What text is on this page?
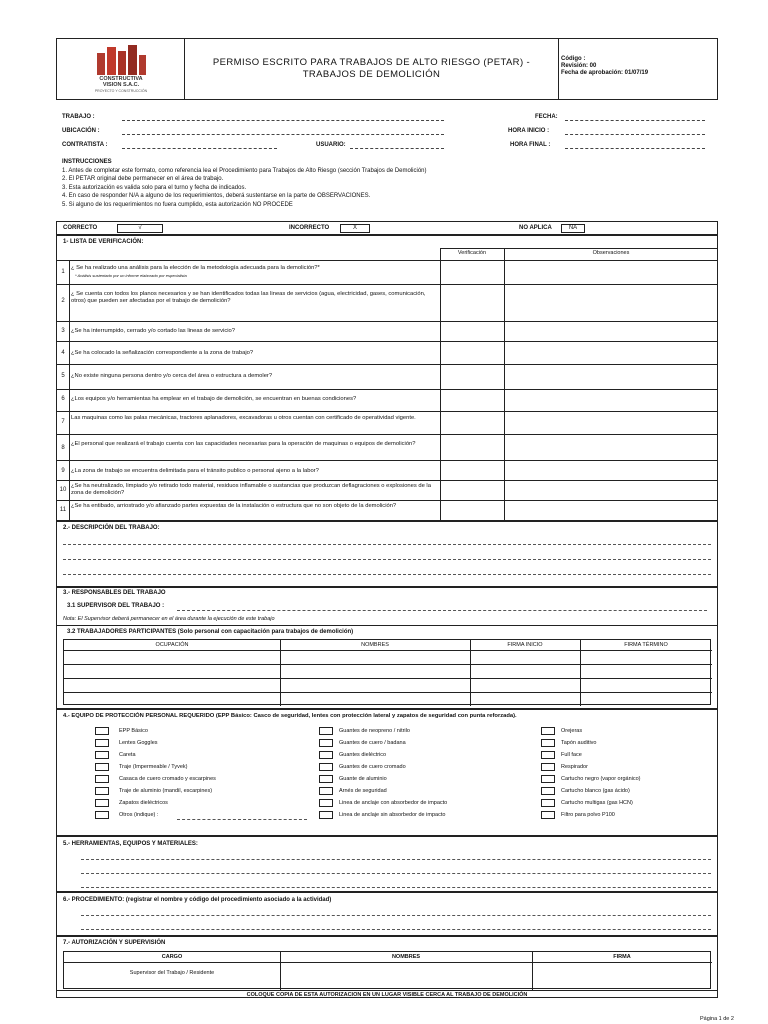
CONSTRUCTIVA
VISION S.A.C.
PROYECTO Y CONSTRUCCIÓN
PERMISO ESCRITO PARA TRABAJOS DE ALTO RIESGO (PETAR) - TRABAJOS DE DEMOLICIÓN
Código :
Revisión: 00
Fecha de aprobación: 01/07/19
TRABAJO :	FECHA:
UBICACIÓN :	HORA INICIO :
CONTRATISTA :	USUARIO:	HORA FINAL :
INSTRUCCIONES
1. Antes de completar este formato, como referencia lea el Procedimiento para Trabajos de Alto Riesgo (sección Trabajos de Demolición)
2. El PETAR original debe permanecer en el área de trabajo.
3. Esta autorización es valida solo para el turno y fecha de indicados.
4. En caso de responder N/A a alguno de los requerimientos, deberá sustentarse en la parte de OBSERVACIONES.
5. Si alguno de los requerimientos no fuera cumplido, esta autorización NO PROCEDE
CORRECTO	√	INCORRECTO	X	NO APLICA	NA
1- LISTA DE VERIFICACIÓN:
Verificación	Observaciones
1
¿ Se ha realizado una análisis para la elección de la metodología adecuada para la demolición?*
* Análisis sustentado por un informe elaborado por especialista
2
¿ Se cuenta con todos los planos necesarios y se han identificados todas las lineas de servicios (agua, electricidad, gases, comunicación, otros) que pueden ser afectadas por el trabajo de demolición?
3	¿Se ha interrumpido, cerrado y/o cortado las lineas de servicio?
4	¿Se ha colocado la señalización correspondiente a la zona de trabajo?
5	¿No existe ninguna persona dentro y/o cerca del área o estructura a demoler?
6	¿Los equipos y/o herramientas ha emplear en el trabajo de demolición, se encuentran en buenas condiciones?
7
Las maquinas como las palas mecánicas, tractores aplanadores, excavadoras u otros cuentan con certificado de operatividad vigente.
8
¿El personal que realizará el trabajo cuenta con las capacidades necesarias para la operación de maquinas o equipos de demolición?
9	¿La zona de trabajo se encuentra delimitada para el tránsito publico o personal ajeno a la labor?
10
¿Se ha neutralizado, limpiado y/o retirado todo material, residuos inflamable o sustancias que produzcan deflagraciones o explosiones de la zona de demolición?
11
¿Se ha entibado, arriostrado y/o afianzado partes expuestas de la instalación o estructura que no son objeto de la demolición?
2.- DESCRIPCIÓN DEL TRABAJO:
3.- RESPONSABLES DEL TRABAJO
3.1 SUPERVISOR DEL TRABAJO :
Nota: El Supervisor deberá permanecer en el área durante la ejecución de este trabajo
3.2 TRABAJADORES PARTICIPANTES (Solo personal con capacitación para trabajos de demolición)
OCUPACIÓN	NOMBRES	FIRMA INICIO	FIRMA TÉRMINO
4.- EQUIPO DE PROTECCIÓN PERSONAL REQUERIDO (EPP Básico: Casco de seguridad, lentes con protección lateral y zapatos de seguridad con punta reforzada).
EPP Básico
Lentes Goggles
Careta
Traje (Impermeable / Tyvek)
Casaca de cuero cromado y escarpines
Traje de aluminio (mandil, escarpines)
Zapatos dieléctricos
Otros (indique) :
Guantes de neopreno / nitrilo
Guantes de cuero / badana
Guantes dieléctrico
Guantes de cuero cromado
Guante de aluminio
Arnés de seguridad
Linea de anclaje con absorbedor de impacto
Linea de anclaje sin absorbedor de impacto
Orejeras
Tapón auditivo
Full face
Respirador
Cartucho negro (vapor orgánico)
Cartucho blanco (gas ácido)
Cartucho multigas (gas HCN)
Filtro para polvo P100
5.- HERRAMIENTAS, EQUIPOS Y MATERIALES:
6.- PROCEDIMIENTO: (registrar el nombre y código del procedimiento asociado a la actividad)
7.- AUTORIZACIÓN Y SUPERVISIÓN
CARGO	NOMBRES	FIRMA
Supervisor del Trabajo / Residente
COLOQUE COPIA DE ESTA AUTORIZACION EN UN LUGAR VISIBLE CERCA AL TRABAJO DE DEMOLICIÓN
Página 1 de 2
